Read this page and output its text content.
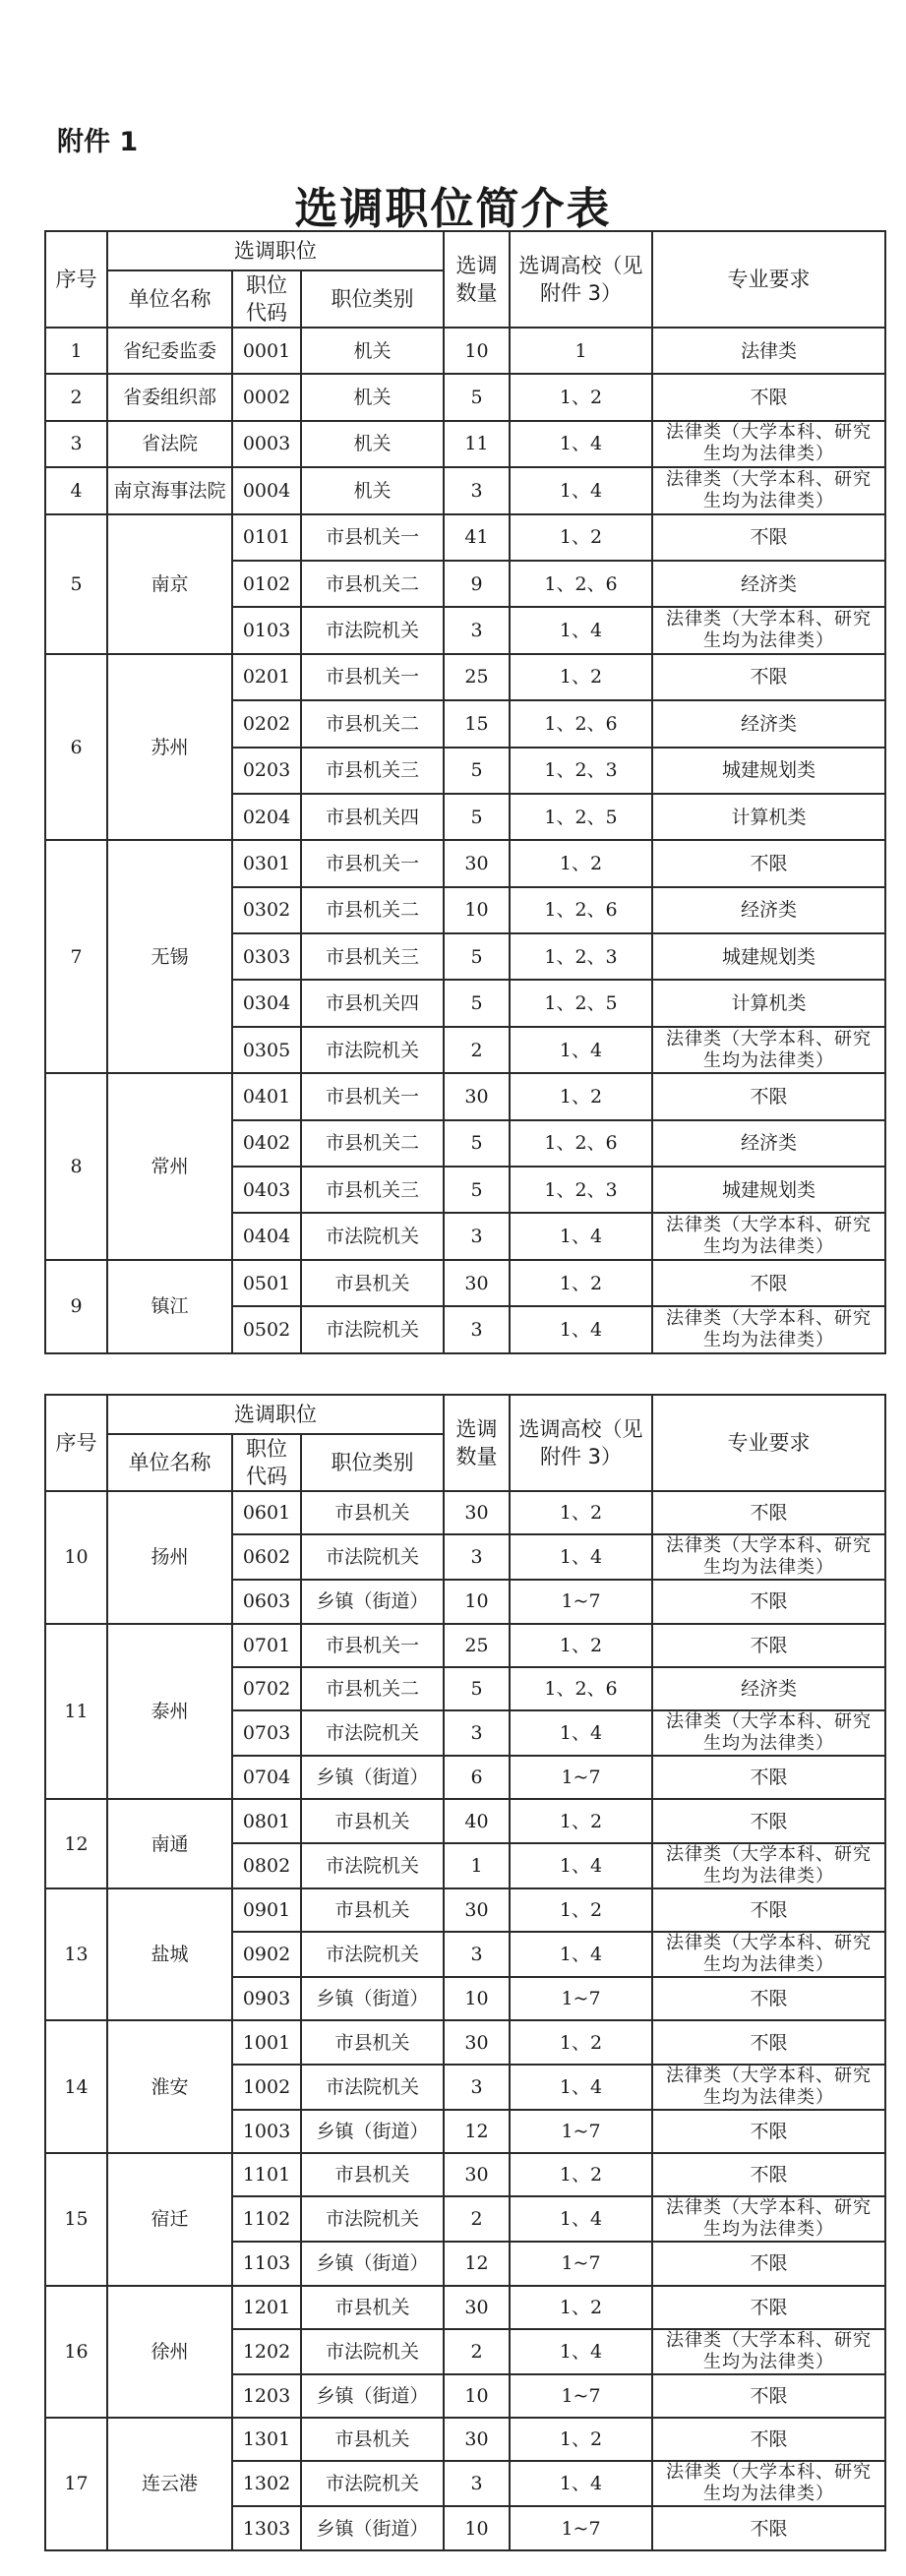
附件 1
选调职位简介表
序号	选调职位			选调数量	选调高校（见附件 3）	专业要求
	单位名称	职位代码	职位类别			
1	省纪委监委	0001	机关	10	1	法律类
2	省委组织部	0002	机关	5	1、2	不限
3	省法院	0003	机关	11	1、4	法律类（大学本科、研究生均为法律类）
4	南京海事法院	0004	机关	3	1、4	法律类（大学本科、研究生均为法律类）
5	南京	0101	市县机关一	41	1、2	不限
		0102	市县机关二	9	1、2、6	经济类
		0103	市法院机关	3	1、4	法律类（大学本科、研究生均为法律类）
6	苏州	0201	市县机关一	25	1、2	不限
		0202	市县机关二	15	1、2、6	经济类
		0203	市县机关三	5	1、2、3	城建规划类
		0204	市县机关四	5	1、2、5	计算机类
7	无锡	0301	市县机关一	30	1、2	不限
		0302	市县机关二	10	1、2、6	经济类
		0303	市县机关三	5	1、2、3	城建规划类
		0304	市县机关四	5	1、2、5	计算机类
		0305	市法院机关	2	1、4	法律类（大学本科、研究生均为法律类）
8	常州	0401	市县机关一	30	1、2	不限
		0402	市县机关二	5	1、2、6	经济类
		0403	市县机关三	5	1、2、3	城建规划类
		0404	市法院机关	3	1、4	法律类（大学本科、研究生均为法律类）
9	镇江	0501	市县机关	30	1、2	不限
		0502	市法院机关	3	1、4	法律类（大学本科、研究生均为法律类）
序号	选调职位			选调数量	选调高校（见附件 3）	专业要求
	单位名称	职位代码	职位类别			
10	扬州	0601	市县机关	30	1、2	不限
		0602	市法院机关	3	1、4	法律类（大学本科、研究生均为法律类）
		0603	乡镇（街道）	10	1~7	不限
11	泰州	0701	市县机关一	25	1、2	不限
		0702	市县机关二	5	1、2、6	经济类
		0703	市法院机关	3	1、4	法律类（大学本科、研究生均为法律类）
		0704	乡镇（街道）	6	1~7	不限
12	南通	0801	市县机关	40	1、2	不限
		0802	市法院机关	1	1、4	法律类（大学本科、研究生均为法律类）
13	盐城	0901	市县机关	30	1、2	不限
		0902	市法院机关	3	1、4	法律类（大学本科、研究生均为法律类）
		0903	乡镇（街道）	10	1~7	不限
14	淮安	1001	市县机关	30	1、2	不限
		1002	市法院机关	3	1、4	法律类（大学本科、研究生均为法律类）
		1003	乡镇（街道）	12	1~7	不限
15	宿迁	1101	市县机关	30	1、2	不限
		1102	市法院机关	2	1、4	法律类（大学本科、研究生均为法律类）
		1103	乡镇（街道）	12	1~7	不限
16	徐州	1201	市县机关	30	1、2	不限
		1202	市法院机关	2	1、4	法律类（大学本科、研究生均为法律类）
		1203	乡镇（街道）	10	1~7	不限
17	连云港	1301	市县机关	30	1、2	不限
		1302	市法院机关	3	1、4	法律类（大学本科、研究生均为法律类）
		1303	乡镇（街道）	10	1~7	不限
